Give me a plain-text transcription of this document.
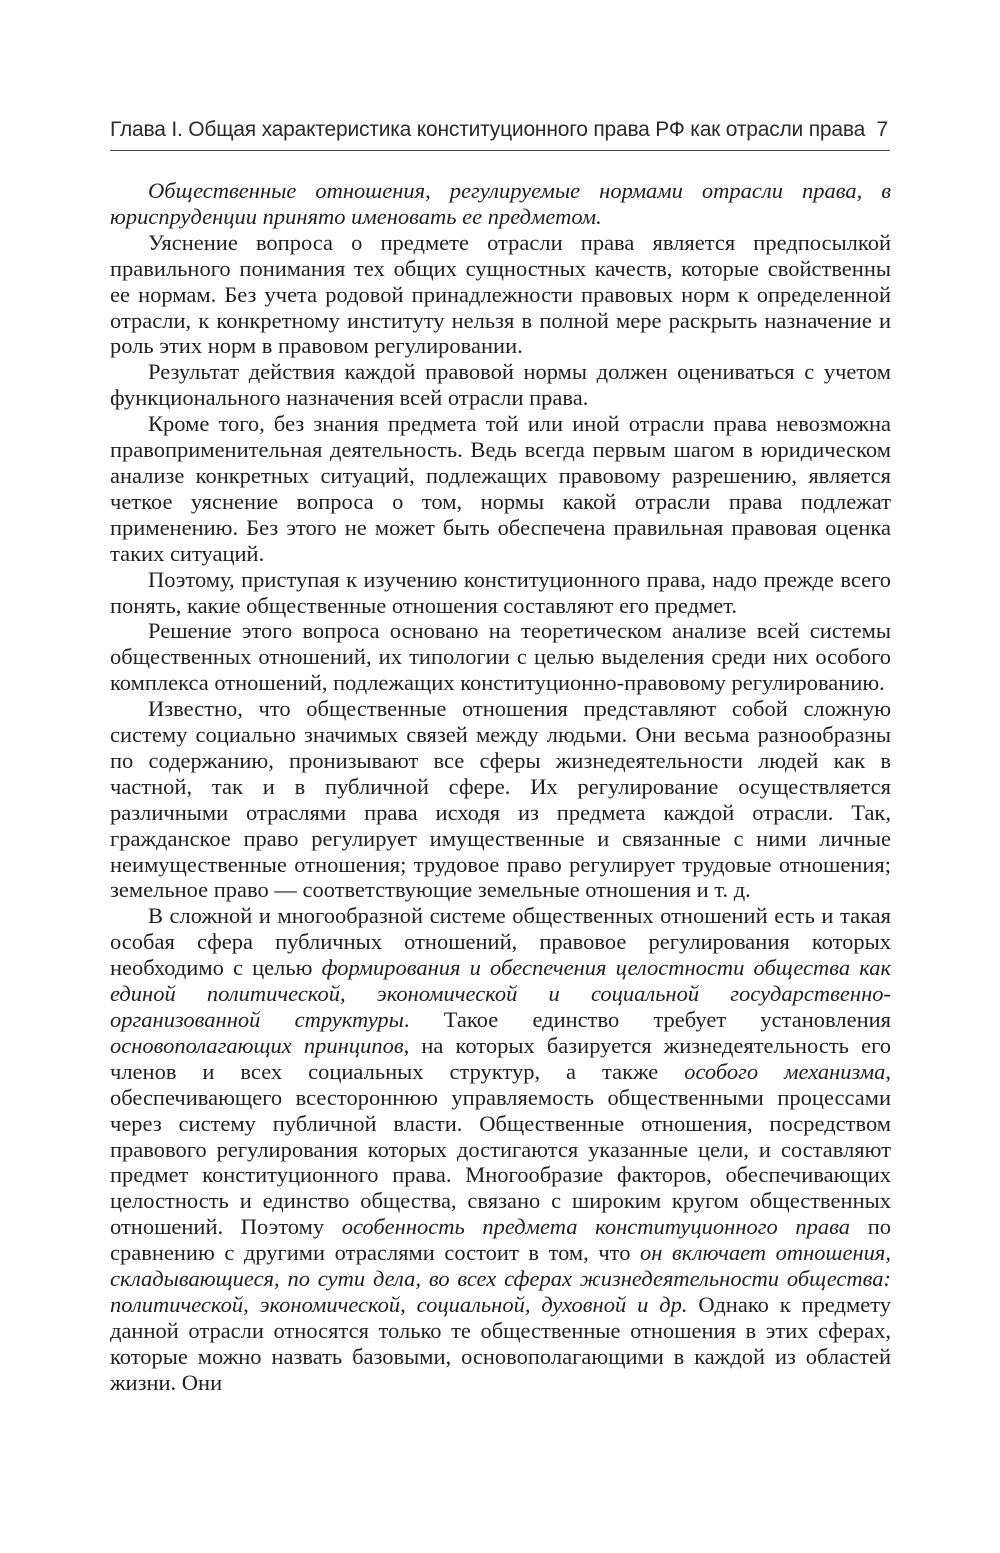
Глава I. Общая характеристика конституционного права РФ как отрасли права 7

Общественные отношения, регулируемые нормами отрасли права, в юриспруденции принято именовать ее предметом.

Уяснение вопроса о предмете отрасли права является предпосылкой правильного понимания тех общих сущностных качеств, которые свойственны ее нормам. Без учета родовой принадлежности правовых норм к определенной отрасли, к конкретному институту нельзя в полной мере раскрыть назначение и роль этих норм в правовом регулировании.

Результат действия каждой правовой нормы должен оцениваться с учетом функционального назначения всей отрасли права.

Кроме того, без знания предмета той или иной отрасли права невозможна правоприменительная деятельность. Ведь всегда первым шагом в юридическом анализе конкретных ситуаций, подлежащих правовому разрешению, является четкое уяснение вопроса о том, нормы какой отрасли права подлежат применению. Без этого не может быть обеспечена правильная правовая оценка таких ситуаций.

Поэтому, приступая к изучению конституционного права, надо прежде всего понять, какие общественные отношения составляют его предмет.

Решение этого вопроса основано на теоретическом анализе всей системы общественных отношений, их типологии с целью выделения среди них особого комплекса отношений, подлежащих конституционно-правовому регулированию.

Известно, что общественные отношения представляют собой сложную систему социально значимых связей между людьми. Они весьма разнообразны по содержанию, пронизывают все сферы жизнедеятельности людей как в частной, так и в публичной сфере. Их регулирование осуществляется различными отраслями права исходя из предмета каждой отрасли. Так, гражданское право регулирует имущественные и связанные с ними личные неимущественные отношения; трудовое право регулирует трудовые отношения; земельное право — соответствующие земельные отношения и т. д.

В сложной и многообразной системе общественных отношений есть и такая особая сфера публичных отношений, правовое регулирования которых необходимо с целью формирования и обеспечения целостности общества как единой политической, экономической и социальной государственно-организованной структуры. Такое единство требует установления основополагающих принципов, на которых базируется жизнедеятельность его членов и всех социальных структур, а также особого механизма, обеспечивающего всестороннюю управляемость общественными процессами через систему публичной власти. Общественные отношения, посредством правового регулирования которых достигаются указанные цели, и составляют предмет конституционного права. Многообразие факторов, обеспечивающих целостность и единство общества, связано с широким кругом общественных отношений. Поэтому особенность предмета конституционного права по сравнению с другими отраслями состоит в том, что он включает отношения, складывающиеся, по сути дела, во всех сферах жизнедеятельности общества: политической, экономической, социальной, духовной и др. Однако к предмету данной отрасли относятся только те общественные отношения в этих сферах, которые можно назвать базовыми, основополагающими в каждой из областей жизни. Они
